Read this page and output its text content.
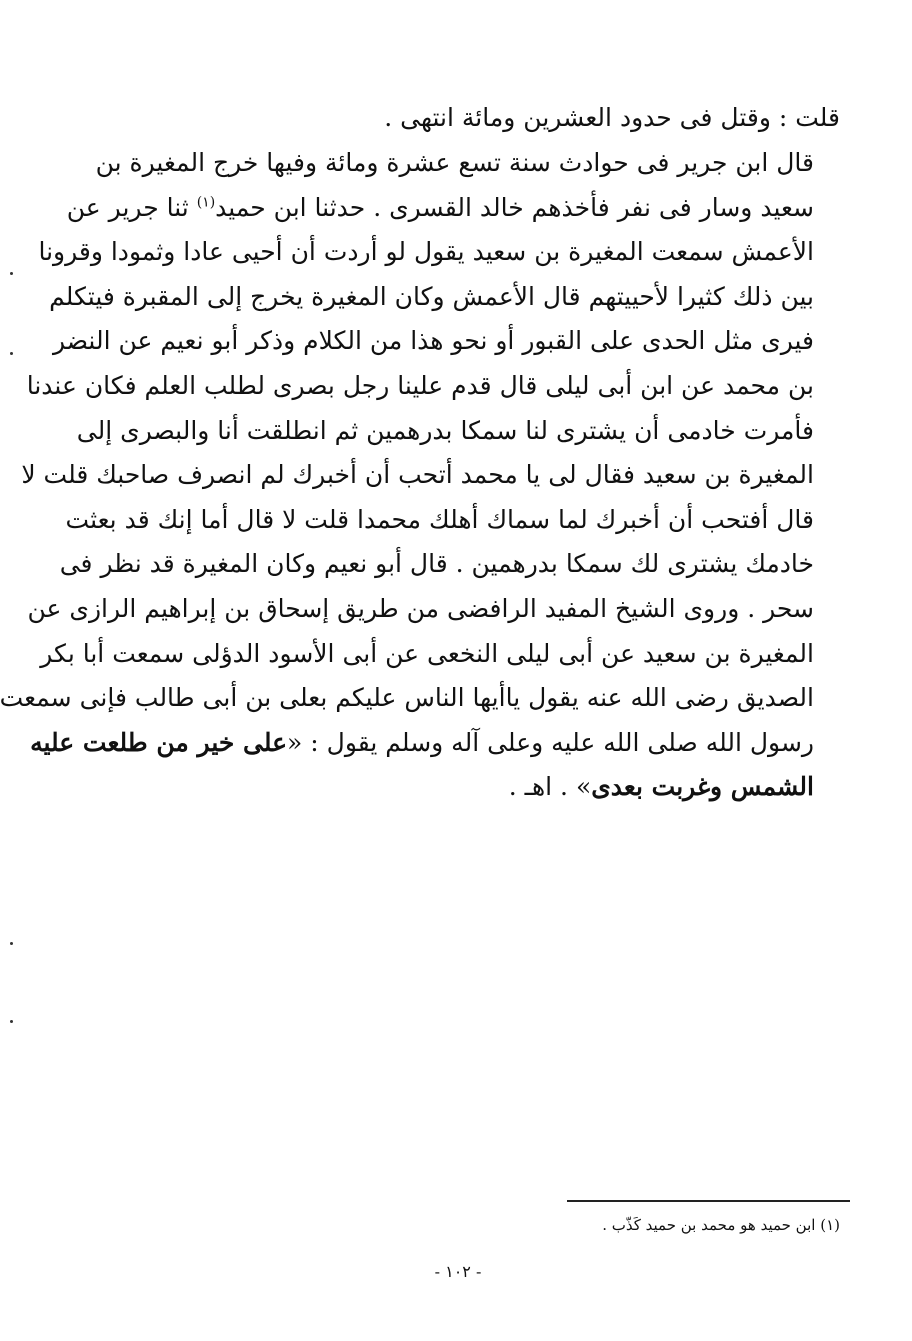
قلت : وقتل فى حدود العشرين ومائة انتهى .
قال ابن جرير فى حوادث سنة تسع عشرة ومائة وفيها خرج المغيرة بن
سعيد وسار فى نفر فأخذهم خالد القسرى . حدثنا ابن حميد$^{(١)}$ ثنا جرير عن
الأعمش سمعت المغيرة بن سعيد يقول لو أردت أن أحيى عادا وثمودا وقرونا
بين ذلك كثيرا لأحييتهم قال الأعمش وكان المغيرة يخرج إلى المقبرة فيتكلم
فيرى مثل الحدى على القبور أو نحو هذا من الكلام وذكر أبو نعيم عن النضر
بن محمد عن ابن أبى ليلى قال قدم علينا رجل بصرى لطلب العلم فكان عندنا
فأمرت خادمى أن يشترى لنا سمكا بدرهمين ثم انطلقت أنا والبصرى إلى
المغيرة بن سعيد فقال لى يا محمد أتحب أن أخبرك لم انصرف صاحبك قلت لا
قال أفتحب أن أخبرك لما سماك أهلك محمدا قلت لا قال أما إنك قد بعثت
خادمك يشترى لك سمكا بدرهمين . قال أبو نعيم وكان المغيرة قد نظر فى
سحر . وروى الشيخ المفيد الرافضى من طريق إسحاق بن إبراهيم الرازى عن
المغيرة بن سعيد عن أبى ليلى النخعى عن أبى الأسود الدؤلى سمعت أبا بكر
الصديق رضى الله عنه يقول ياأيها الناس عليكم بعلى بن أبى طالب فإنى سمعت
رسول الله صلى الله عليه وعلى آله وسلم يقول : «على خير من طلعت عليه
الشمس وغربت بعدى» . اهـ .
(١) ابن حميد هو محمد بن حميد كَذّب .
- ١٠٢ -
